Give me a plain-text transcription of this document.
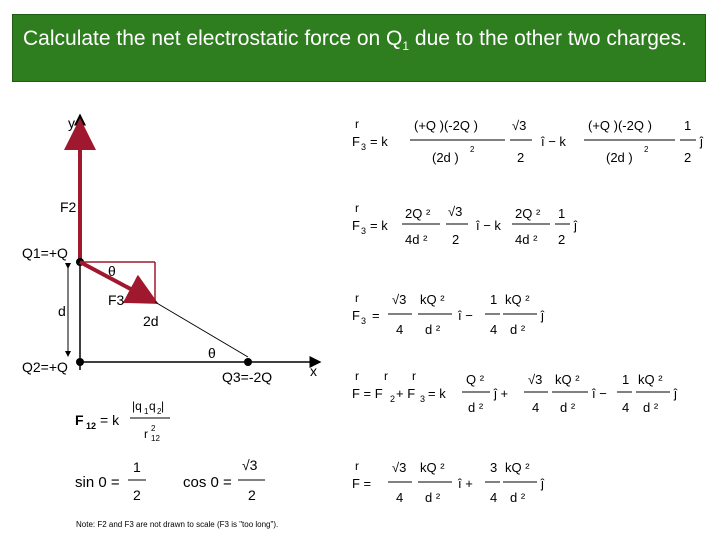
Calculate the net electrostatic force on $Q_1$ due to the other two charges.
y
F2
Q1=+Q
F3
θ
2d
d
Q2=+Q	x
Q3=-2Q
θ
F 12 = k
|q 1 q 2 |
r 2
12
sin 0 =
1
2
cos 0 =
√3
2
r
F 3 = k
(+Q )(-2Q )
(2d )
2
√3
2
î − k
(+Q )(-2Q )
(2d )
2
1
2
ĵ
r
F 3 = k
2Q ²
4d ²
√3
2
î − k
2Q ²
4d ²
1
2
ĵ
r
F 3 =
√3
4
kQ ²
d ²
î −
1
4
kQ ²
d ²
ĵ
r
F = F 2 + F 3
r r
= k
Q ²
d ²
ĵ +
√3
4
kQ ²
d ²
î −
1
4
kQ ²
d ²
ĵ
r
F =
√3
4
kQ ²
d ²
î +
3
4
kQ ²
d ²
ĵ
Note: F2 and F3 are not drawn to scale (F3 is "too long").
